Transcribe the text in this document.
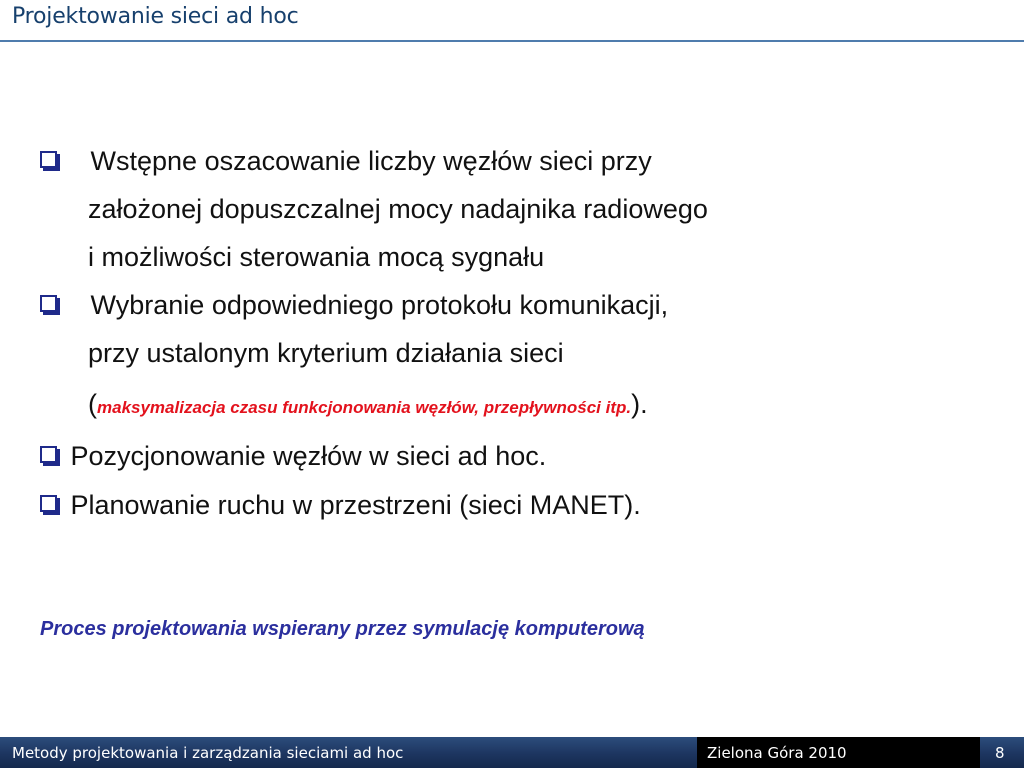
Projektowanie sieci ad hoc
Wstępne oszacowanie liczby węzłów sieci przy
założonej dopuszczalnej mocy nadajnika radiowego
i możliwości sterowania mocą sygnału
Wybranie odpowiedniego protokołu komunikacji,
przy ustalonym kryterium działania sieci
(maksymalizacja czasu funkcjonowania węzłów, przepływności itp.).
Pozycjonowanie węzłów w sieci ad hoc.
Planowanie ruchu w przestrzeni (sieci MANET).
Proces projektowania wspierany przez symulację komputerową
Metody projektowania i zarządzania sieciami ad hoc	Zielona Góra 2010	8
